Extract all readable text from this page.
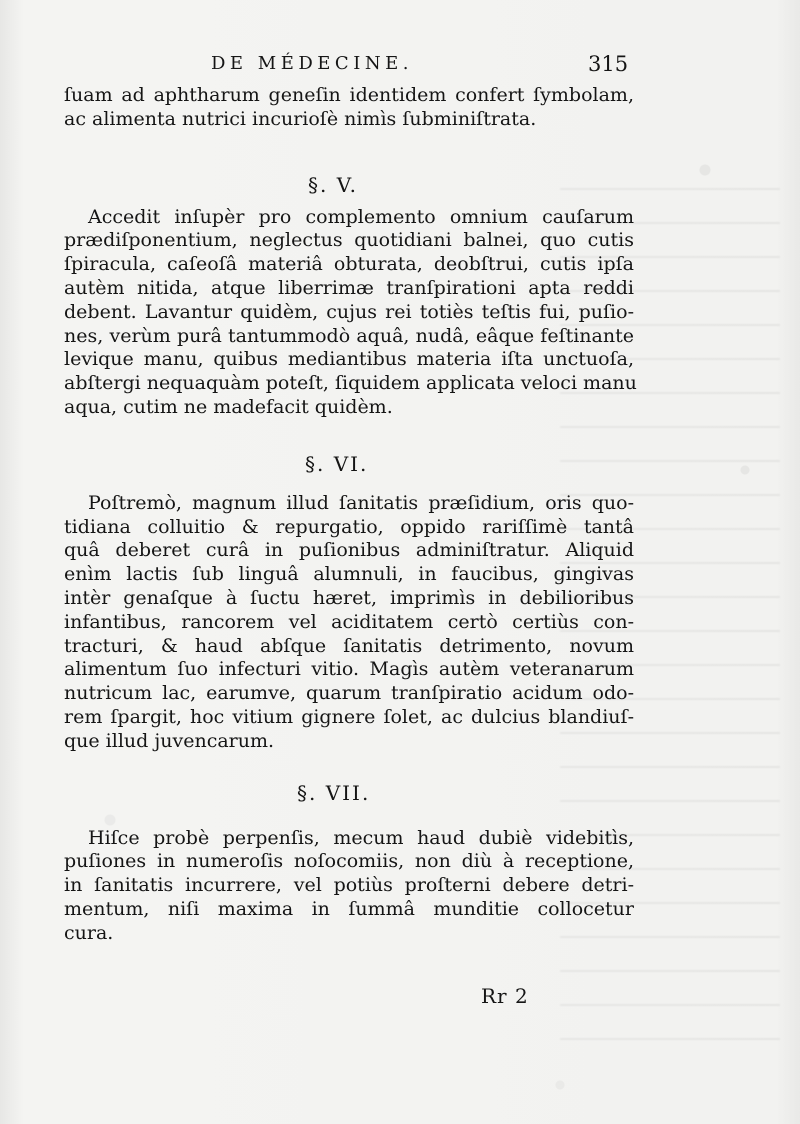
DE MÉDECINE.	315
ſuam ad aphtharum geneſin identidem confert ſymbolam,
ac alimenta nutrici incurioſè nimìs ſubminiſtrata.
§. V.
Accedit inſupèr pro complemento omnium cauſarum
prædiſponentium, neglectus quotidiani balnei, quo cutis
ſpiracula, caſeoſâ materiâ obturata, deobſtrui, cutis ipſa
autèm nitida, atque liberrimæ tranſpirationi apta reddi
debent. Lavantur quidèm, cujus rei totiès teſtis fui, puſio-
nes, verùm purâ tantummodò aquâ, nudâ, eâque feſtinante
levique manu, quibus mediantibus materia iſta unctuoſa,
abſtergi nequaquàm poteſt, ſiquidem applicata veloci manu
aqua, cutim ne madefacit quidèm.
§. VI.
Poſtremò, magnum illud ſanitatis præſidium, oris quo-
tidiana colluitio & repurgatio, oppido rariſſimè tantâ
quâ deberet curâ in puſionibus adminiſtratur. Aliquid
enìm lactis ſub linguâ alumnuli, in faucibus, gingivas
intèr genaſque à ſuctu hæret, imprimìs in debilioribus
infantibus, rancorem vel aciditatem certò certiùs con-
tracturi, & haud abſque ſanitatis detrimento, novum
alimentum ſuo infecturi vitio. Magìs autèm veteranarum
nutricum lac, earumve, quarum tranſpiratio acidum odo-
rem ſpargit, hoc vitium gignere ſolet, ac dulcius blandiuſ-
que illud juvencarum.
§. VII.
Hiſce probè perpenſis, mecum haud dubiè videbitìs,
puſiones in numeroſis noſocomiis, non diù à receptione,
in ſanitatis incurrere, vel potiùs proſterni debere detri-
mentum, niſi maxima in ſummâ munditie collocetur
cura.
Rr 2
